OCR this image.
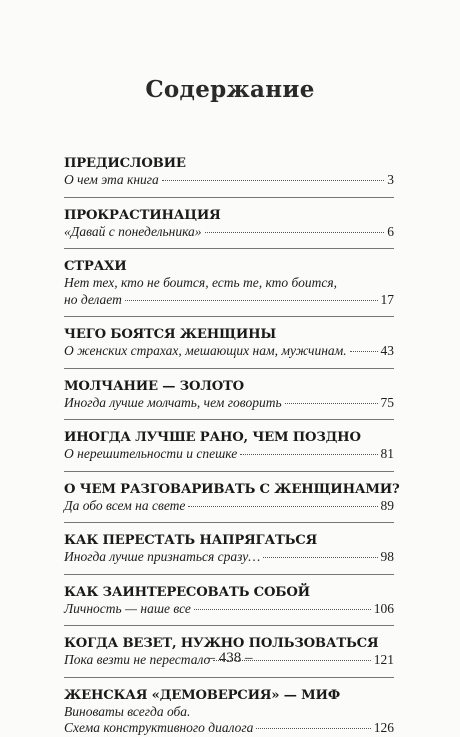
Содержание
ПРЕДИСЛОВИЕ
О чем эта книга	3
ПРОКРАСТИНАЦИЯ
«Давай с понедельника»	6
СТРАХИ
Нет тех, кто не боится, есть те, кто боится,
но делает	17
ЧЕГО БОЯТСЯ ЖЕНЩИНЫ
О женских страхах, мешающих нам, мужчинам.	43
МОЛЧАНИЕ — ЗОЛОТО
Иногда лучше молчать, чем говорить	75
ИНОГДА ЛУЧШЕ РАНО, ЧЕМ ПОЗДНО
О нерешительности и спешке	81
О ЧЕМ РАЗГОВАРИВАТЬ С ЖЕНЩИНАМИ?
Да обо всем на свете	89
КАК ПЕРЕСТАТЬ НАПРЯГАТЬСЯ
Иногда лучше признаться сразу…	98
КАК ЗАИНТЕРЕСОВАТЬ СОБОЙ
Личность — наше все	106
КОГДА ВЕЗЕТ, НУЖНО ПОЛЬЗОВАТЬСЯ
Пока везти не перестало	121
ЖЕНСКАЯ «ДЕМОВЕРСИЯ» — МИФ
Виноваты всегда оба.
Схема конструктивного диалога	126
– 438 –
